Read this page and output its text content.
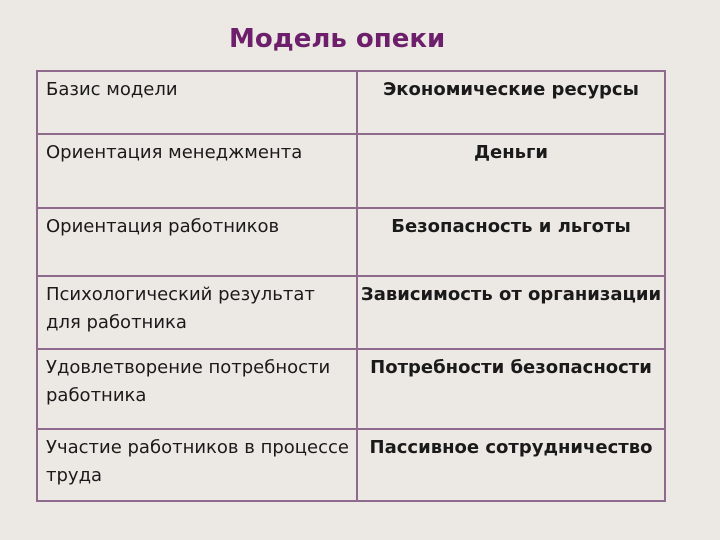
Модель опеки
Базис модели	Экономические ресурсы
Ориентация менеджмента	Деньги
Ориентация работников	Безопасность и льготы
Психологический результат для работника	Зависимость от организации
Удовлетворение потребности работника	Потребности безопасности
Участие работников в процессе труда	Пассивное сотрудничество
